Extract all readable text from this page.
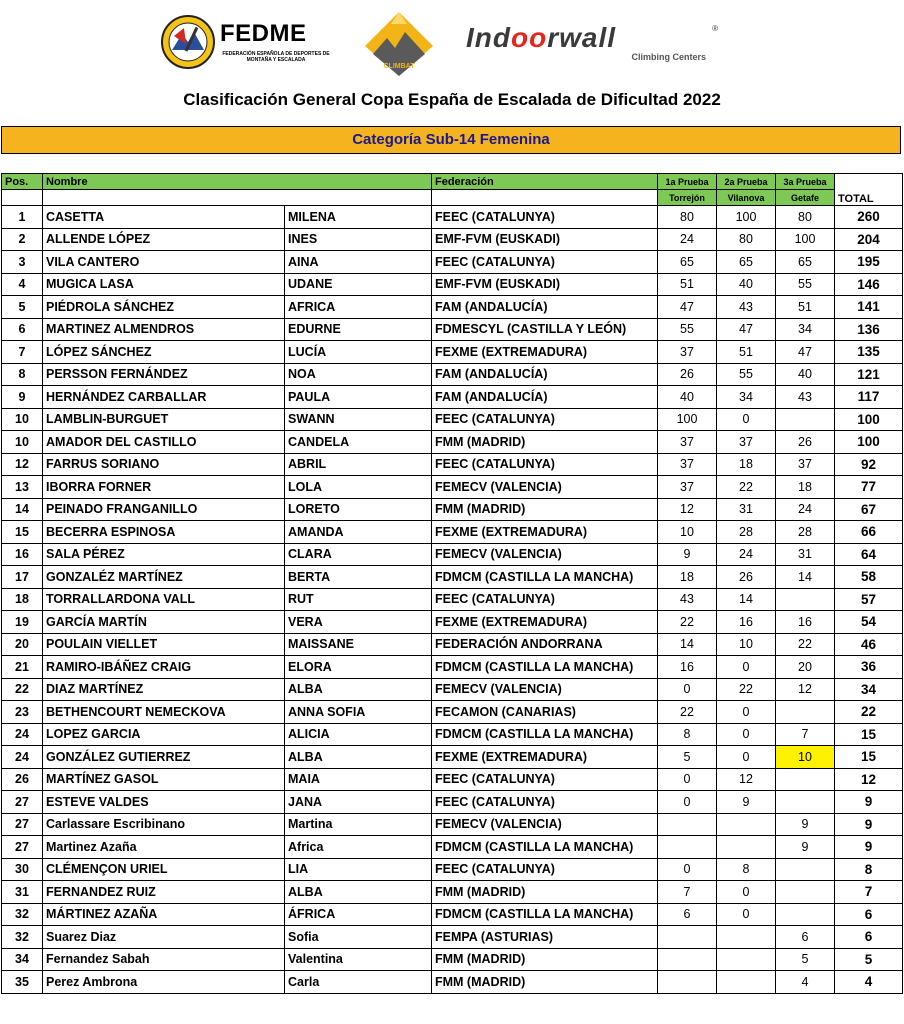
FEDME
FEDERACIÓN ESPAÑOLA DE DEPORTES DE MONTAÑA Y ESCALADA
CLIMBAT
Indoorwall	®
Climbing Centers
Clasificación General Copa España de Escalada de Dificultad 2022
Categoría Sub-14 Femenina
Pos.	Nombre		Federación	1a Prueba	2a Prueba	3a Prueba	TOTAL
				Torrejón	Vilanova	Getafe	
1	CASETTA	MILENA	FEEC (CATALUNYA)	80	100	80	260
2	ALLENDE LÓPEZ	INES	EMF-FVM (EUSKADI)	24	80	100	204
3	VILA CANTERO	AINA	FEEC (CATALUNYA)	65	65	65	195
4	MUGICA LASA	UDANE	EMF-FVM (EUSKADI)	51	40	55	146
5	PIÉDROLA SÁNCHEZ	AFRICA	FAM (ANDALUCÍA)	47	43	51	141
6	MARTINEZ ALMENDROS	EDURNE	FDMESCYL (CASTILLA Y LEÓN)	55	47	34	136
7	LÓPEZ SÁNCHEZ	LUCÍA	FEXME (EXTREMADURA)	37	51	47	135
8	PERSSON FERNÁNDEZ	NOA	FAM (ANDALUCÍA)	26	55	40	121
9	HERNÁNDEZ CARBALLAR	PAULA	FAM (ANDALUCÍA)	40	34	43	117
10	LAMBLIN-BURGUET	SWANN	FEEC (CATALUNYA)	100	0		100
10	AMADOR DEL CASTILLO	CANDELA	FMM (MADRID)	37	37	26	100
12	FARRUS SORIANO	ABRIL	FEEC (CATALUNYA)	37	18	37	92
13	IBORRA FORNER	LOLA	FEMECV (VALENCIA)	37	22	18	77
14	PEINADO FRANGANILLO	LORETO	FMM (MADRID)	12	31	24	67
15	BECERRA ESPINOSA	AMANDA	FEXME (EXTREMADURA)	10	28	28	66
16	SALA PÉREZ	CLARA	FEMECV (VALENCIA)	9	24	31	64
17	GONZALÉZ MARTÍNEZ	BERTA	FDMCM (CASTILLA LA MANCHA)	18	26	14	58
18	TORRALLARDONA VALL	RUT	FEEC (CATALUNYA)	43	14		57
19	GARCÍA MARTÍN	VERA	FEXME (EXTREMADURA)	22	16	16	54
20	POULAIN VIELLET	MAISSANE	FEDERACIÓN ANDORRANA	14	10	22	46
21	RAMIRO-IBÁÑEZ CRAIG	ELORA	FDMCM (CASTILLA LA MANCHA)	16	0	20	36
22	DIAZ MARTÍNEZ	ALBA	FEMECV (VALENCIA)	0	22	12	34
23	BETHENCOURT NEMECKOVA	ANNA SOFIA	FECAMON (CANARIAS)	22	0		22
24	LOPEZ GARCIA	ALICIA	FDMCM (CASTILLA LA MANCHA)	8	0	7	15
24	GONZÁLEZ GUTIERREZ	ALBA	FEXME (EXTREMADURA)	5	0	10	15
26	MARTÍNEZ GASOL	MAIA	FEEC (CATALUNYA)	0	12		12
27	ESTEVE VALDES	JANA	FEEC (CATALUNYA)	0	9		9
27	Carlassare Escribinano	Martina	FEMECV (VALENCIA)			9	9
27	Martinez Azaña	Africa	FDMCM (CASTILLA LA MANCHA)			9	9
30	CLÉMENÇON URIEL	LIA	FEEC (CATALUNYA)	0	8		8
31	FERNANDEZ RUIZ	ALBA	FMM (MADRID)	7	0		7
32	MÁRTINEZ AZAÑA	ÁFRICA	FDMCM (CASTILLA LA MANCHA)	6	0		6
32	Suarez Diaz	Sofia	FEMPA (ASTURIAS)			6	6
34	Fernandez Sabah	Valentina	FMM (MADRID)			5	5
35	Perez Ambrona	Carla	FMM (MADRID)			4	4
